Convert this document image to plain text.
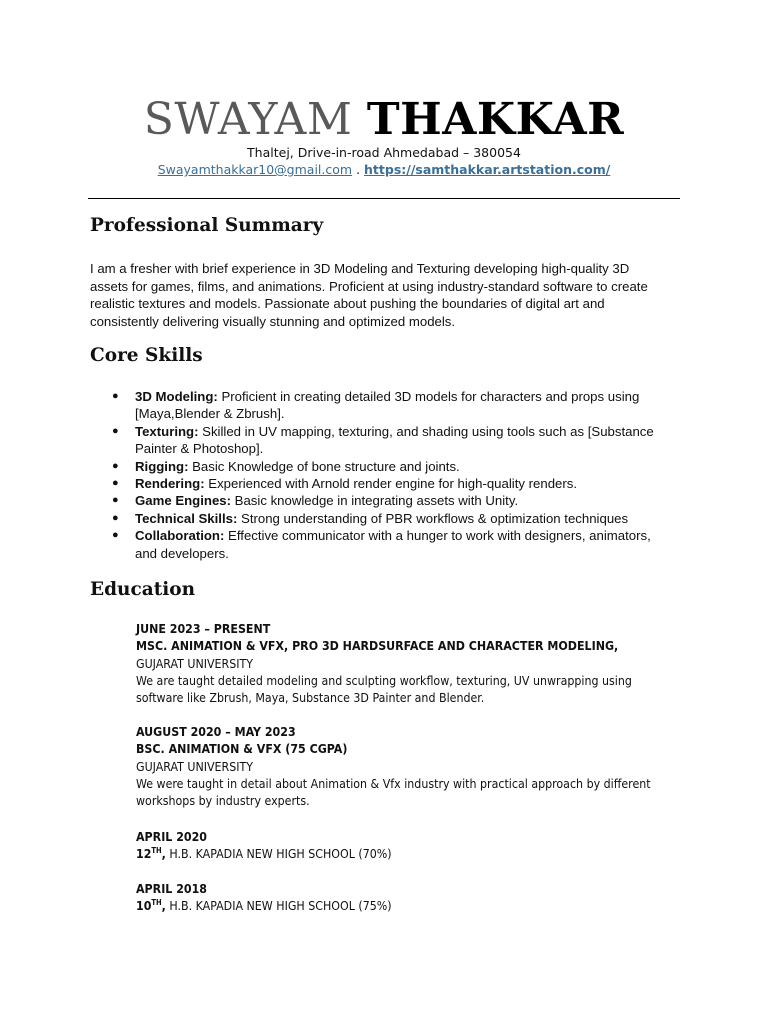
SWAYAM THAKKAR
Thaltej, Drive-in-road Ahmedabad – 380054
Swayamthakkar10@gmail.com . https://samthakkar.artstation.com/
Professional Summary
I am a fresher with brief experience in 3D Modeling and Texturing developing high-quality 3D assets for games, films, and animations. Proficient at using industry-standard software to create realistic textures and models. Passionate about pushing the boundaries of digital art and consistently delivering visually stunning and optimized models.
Core Skills
● 3D Modeling: Proficient in creating detailed 3D models for characters and props using [Maya,Blender & Zbrush].
● Texturing: Skilled in UV mapping, texturing, and shading using tools such as [Substance Painter & Photoshop].
● Rigging: Basic Knowledge of bone structure and joints.
● Rendering: Experienced with Arnold render engine for high-quality renders.
● Game Engines: Basic knowledge in integrating assets with Unity.
● Technical Skills: Strong understanding of PBR workflows & optimization techniques
● Collaboration: Effective communicator with a hunger to work with designers, animators, and developers.
Education
JUNE 2023 – PRESENT
MSC. ANIMATION & VFX, PRO 3D HARDSURFACE AND CHARACTER MODELING,
GUJARAT UNIVERSITY
We are taught detailed modeling and sculpting workflow, texturing, UV unwrapping using software like Zbrush, Maya, Substance 3D Painter and Blender.
AUGUST 2020 – MAY 2023
BSC. ANIMATION & VFX (75 CGPA)
GUJARAT UNIVERSITY
We were taught in detail about Animation & Vfx industry with practical approach by different workshops by industry experts.
APRIL 2020
12TH, H.B. KAPADIA NEW HIGH SCHOOL (70%)
APRIL 2018
10TH, H.B. KAPADIA NEW HIGH SCHOOL (75%)
